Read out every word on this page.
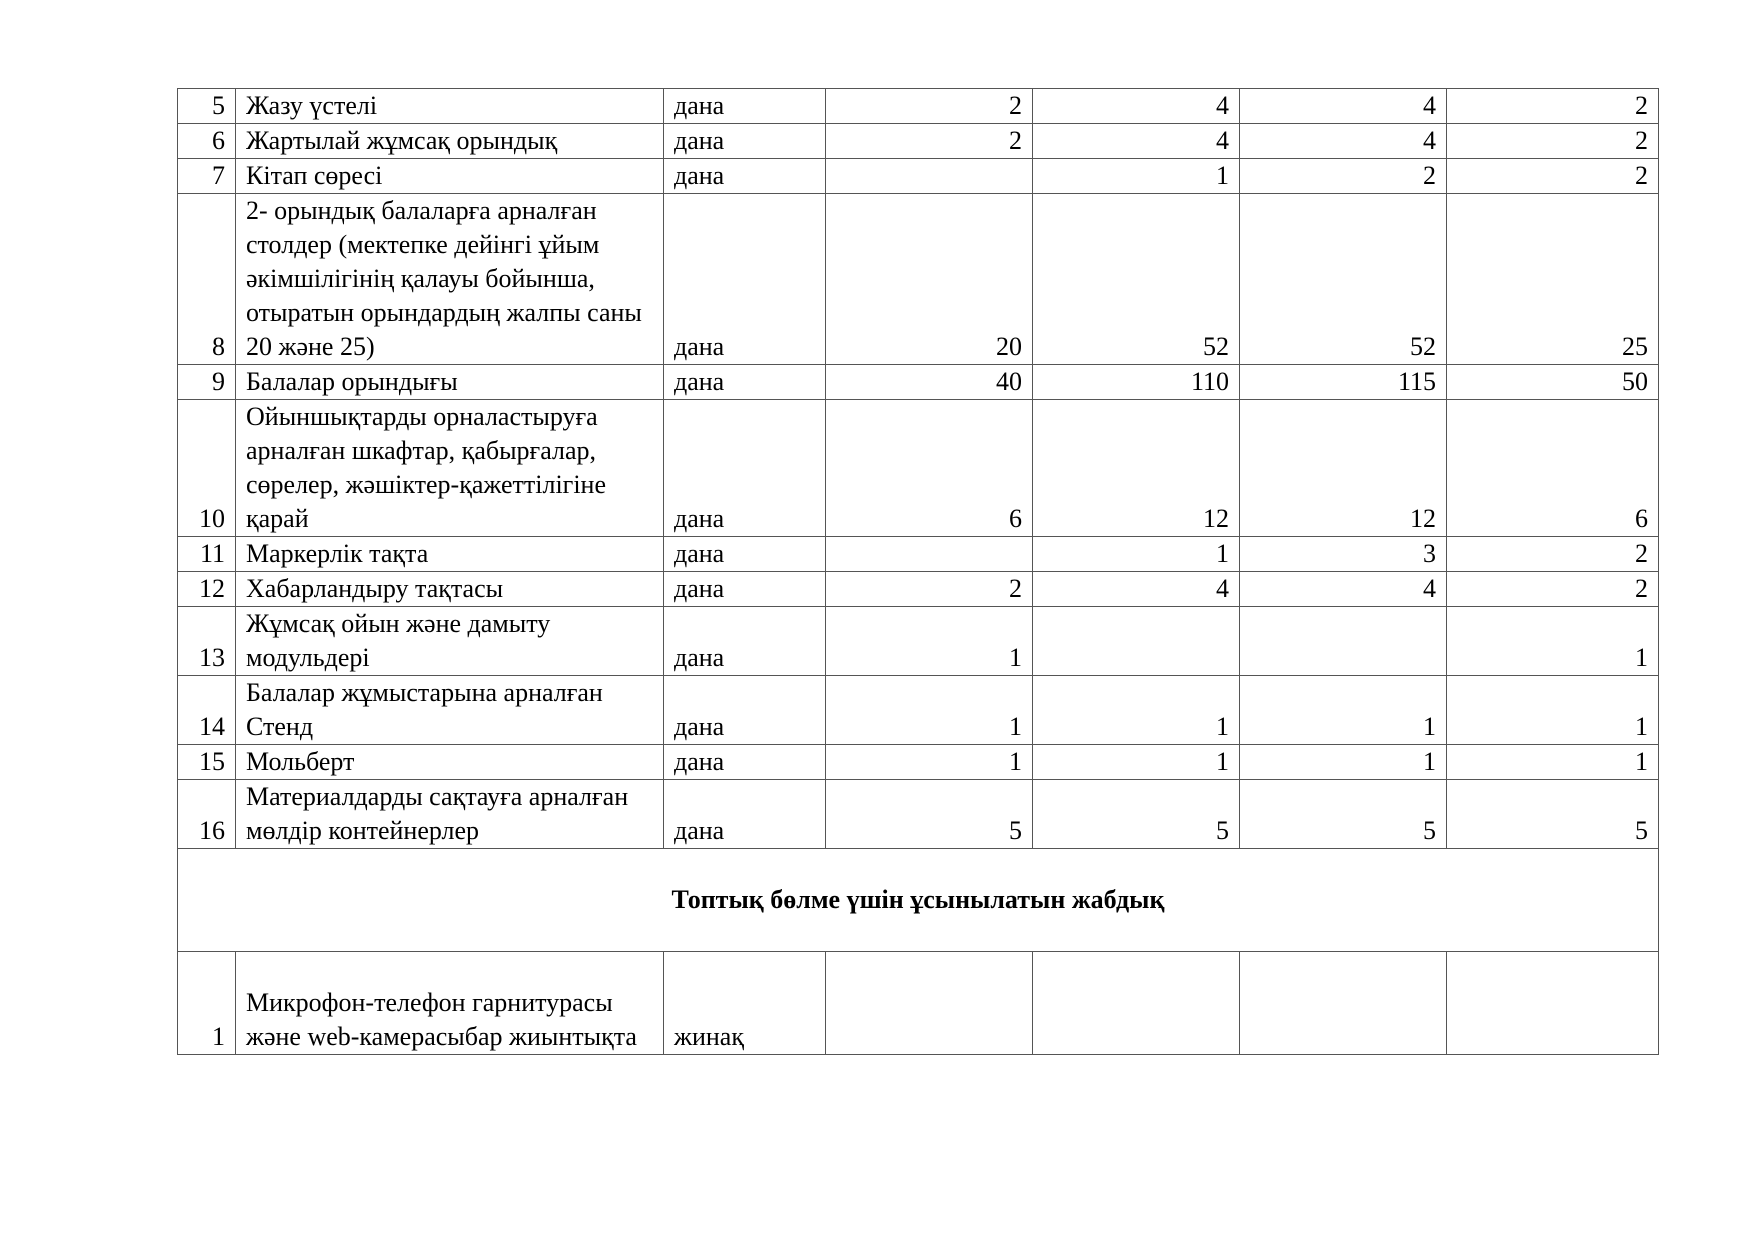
5	Жазу үстелі	дана	2	4	4	2
6	Жартылай жұмсақ орындық	дана	2	4	4	2
7	Кітап сөресі	дана		1	2	2
8	2- орындық балаларға арналған столдер (мектепке дейінгі ұйым әкімшілігінің қалауы бойынша, отыратын орындардың жалпы саны 20 және 25)	дана	20	52	52	25
9	Балалар орындығы	дана	40	110	115	50
10	Ойыншықтарды орналастыруға арналған шкафтар, қабырғалар, сөрелер, жәшіктер-қажеттілігіне қарай	дана	6	12	12	6
11	Маркерлік тақта	дана		1	3	2
12	Хабарландыру тақтасы	дана	2	4	4	2
13	Жұмсақ ойын және дамыту модульдері	дана	1			1
14	Балалар жұмыстарына арналған Стенд	дана	1	1	1	1
15	Мольберт	дана	1	1	1	1
16	Материалдарды сақтауға арналған мөлдір контейнерлер	дана	5	5	5	5
Топтық бөлме үшін ұсынылатын жабдық						
1	Микрофон-телефон гарнитурасы және web-камерасыбар жиынтықта	жинақ				
